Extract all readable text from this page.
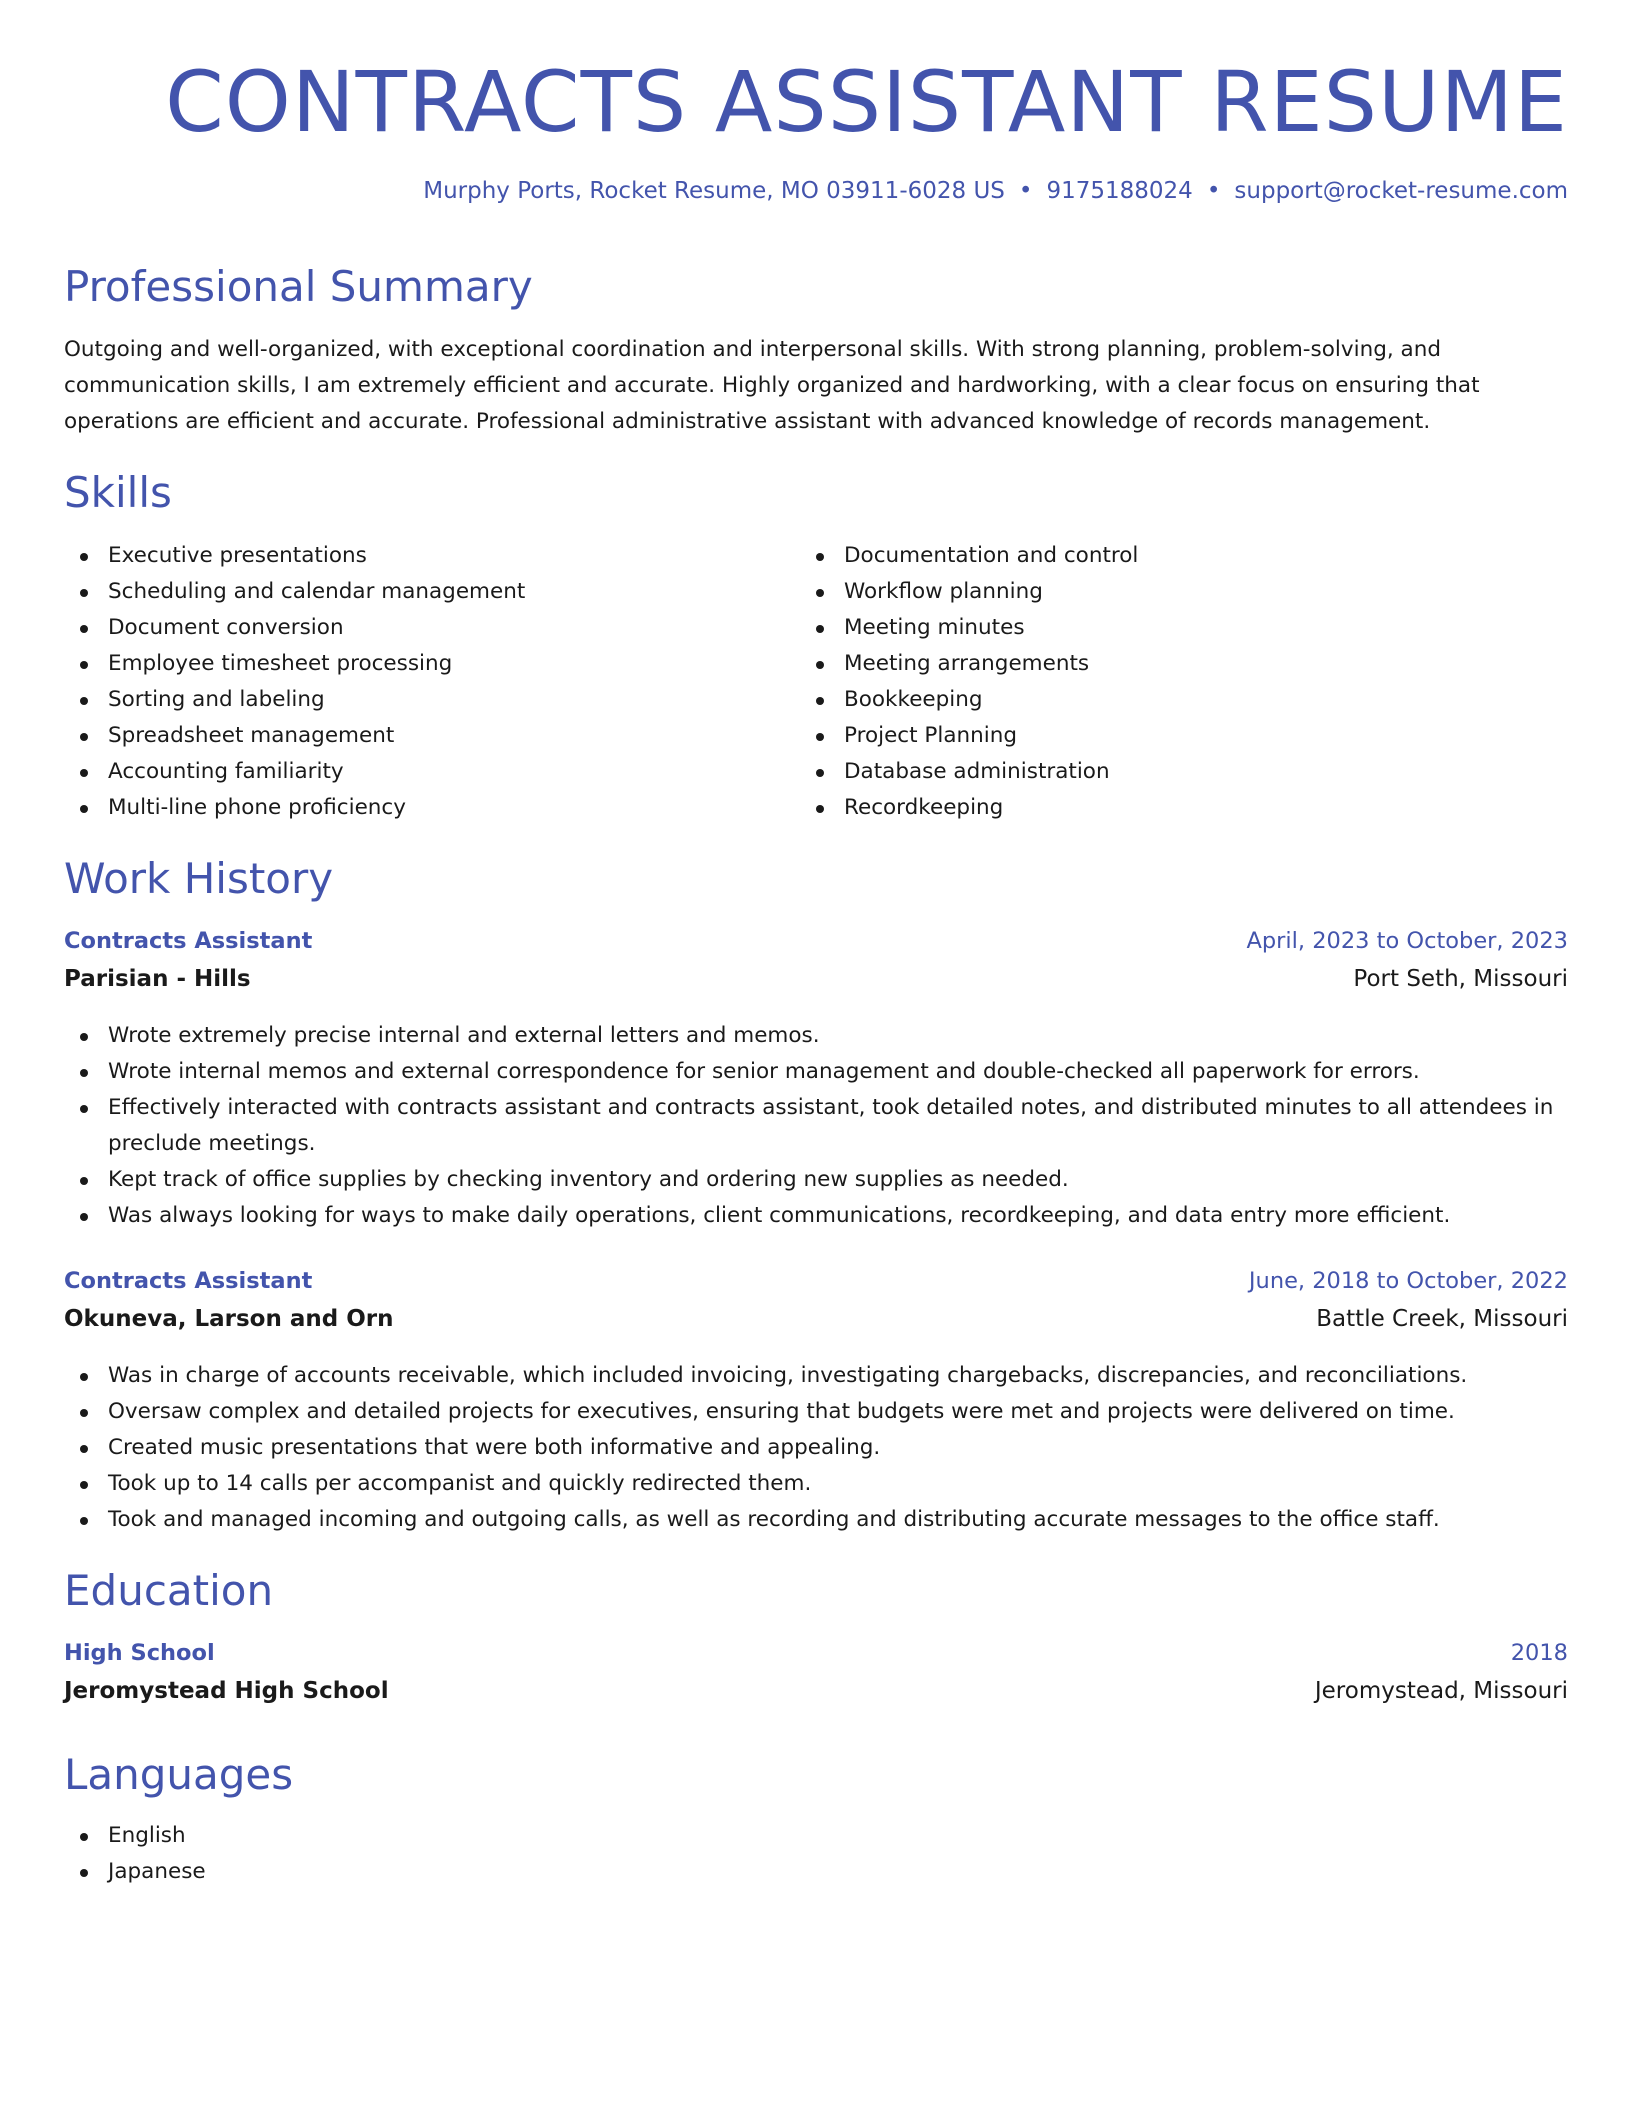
CONTRACTS ASSISTANT RESUME
Murphy Ports, Rocket Resume, MO 03911-6028 US • 9175188024 • support@rocket-resume.com
Professional Summary

Outgoing and well-organized, with exceptional coordination and interpersonal skills. With strong planning, problem-solving, and communication skills, I am extremely efficient and accurate. Highly organized and hardworking, with a clear focus on ensuring that operations are efficient and accurate. Professional administrative assistant with advanced knowledge of records management.

Skills
Executive presentations
Scheduling and calendar management
Document conversion
Employee timesheet processing
Sorting and labeling
Spreadsheet management
Accounting familiarity
Multi-line phone proficiency
Documentation and control
Workflow planning
Meeting minutes
Meeting arrangements
Bookkeeping
Project Planning
Database administration
Recordkeeping
Work History
Contracts Assistant	April, 2023 to October, 2023
Parisian - Hills	Port Seth, Missouri
Wrote extremely precise internal and external letters and memos.
Wrote internal memos and external correspondence for senior management and double-checked all paperwork for errors.
Effectively interacted with contracts assistant and contracts assistant, took detailed notes, and distributed minutes to all attendees in preclude meetings.
Kept track of office supplies by checking inventory and ordering new supplies as needed.
Was always looking for ways to make daily operations, client communications, recordkeeping, and data entry more efficient.
Contracts Assistant	June, 2018 to October, 2022
Okuneva, Larson and Orn	Battle Creek, Missouri
Was in charge of accounts receivable, which included invoicing, investigating chargebacks, discrepancies, and reconciliations.
Oversaw complex and detailed projects for executives, ensuring that budgets were met and projects were delivered on time.
Created music presentations that were both informative and appealing.
Took up to 14 calls per accompanist and quickly redirected them.
Took and managed incoming and outgoing calls, as well as recording and distributing accurate messages to the office staff.
Education
High School	2018
Jeromystead High School	Jeromystead, Missouri
Languages
English
Japanese
